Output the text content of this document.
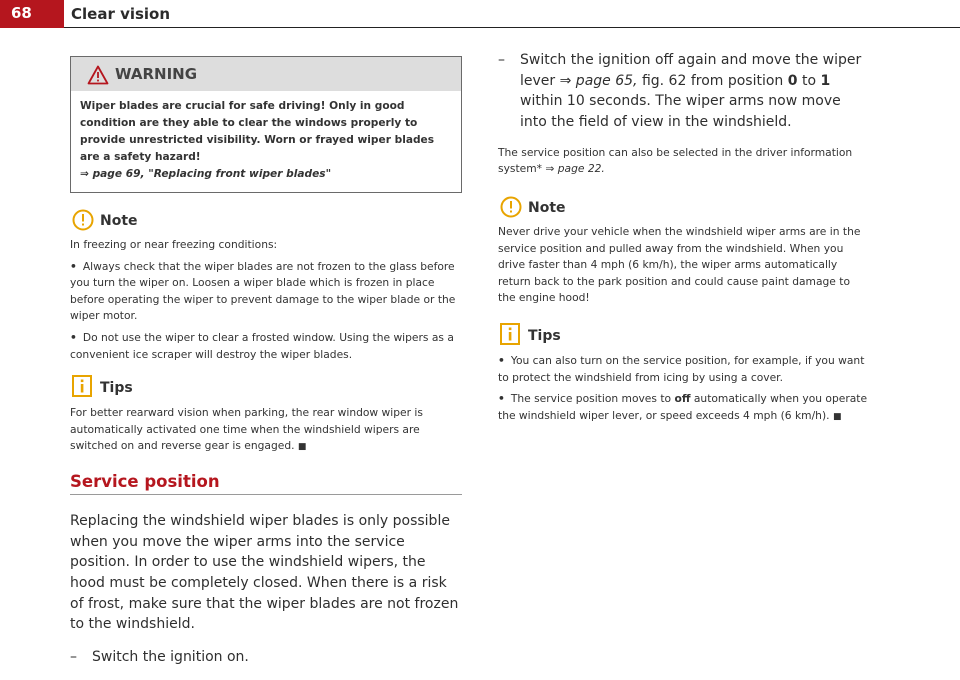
68	Clear vision
WARNING
Wiper blades are crucial for safe driving! Only in good condition are they able to clear the windows properly to provide unrestricted visibility. Worn or frayed wiper blades are a safety hazard!
⇒ page 69, "Replacing front wiper blades"
Note
In freezing or near freezing conditions:
• Always check that the wiper blades are not frozen to the glass before you turn the wiper on. Loosen a wiper blade which is frozen in place before operating the wiper to prevent damage to the wiper blade or the wiper motor.
• Do not use the wiper to clear a frosted window. Using the wipers as a convenient ice scraper will destroy the wiper blades.
Tips
For better rearward vision when parking, the rear window wiper is automatically activated one time when the windshield wipers are switched on and reverse gear is engaged. ■
Service position
Replacing the windshield wiper blades is only possible when you move the wiper arms into the service position. In order to use the windshield wipers, the hood must be completely closed. When there is a risk of frost, make sure that the wiper blades are not frozen to the windshield.
– Switch the ignition on.
– Switch the ignition off again and move the wiper lever ⇒ page 65, fig. 62 from position 0 to 1 within 10 seconds. The wiper arms now move into the field of view in the windshield.
The service position can also be selected in the driver information system* ⇒ page 22.
Note
Never drive your vehicle when the windshield wiper arms are in the service position and pulled away from the windshield. When you drive faster than 4 mph (6 km/h), the wiper arms automatically return back to the park position and could cause paint damage to the engine hood!
Tips
• You can also turn on the service position, for example, if you want to protect the windshield from icing by using a cover.
• The service position moves to off automatically when you operate the windshield wiper lever, or speed exceeds 4 mph (6 km/h). ■
